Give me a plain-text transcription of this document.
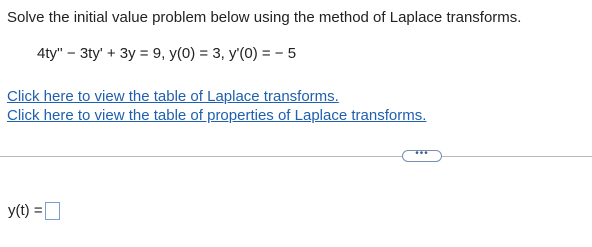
Solve the initial value problem below using the method of Laplace transforms.
4ty'' − 3ty' + 3y = 9, y(0) = 3, y'(0) = − 5
Click here to view the table of Laplace transforms.
Click here to view the table of properties of Laplace transforms.
•••
y(t) =
